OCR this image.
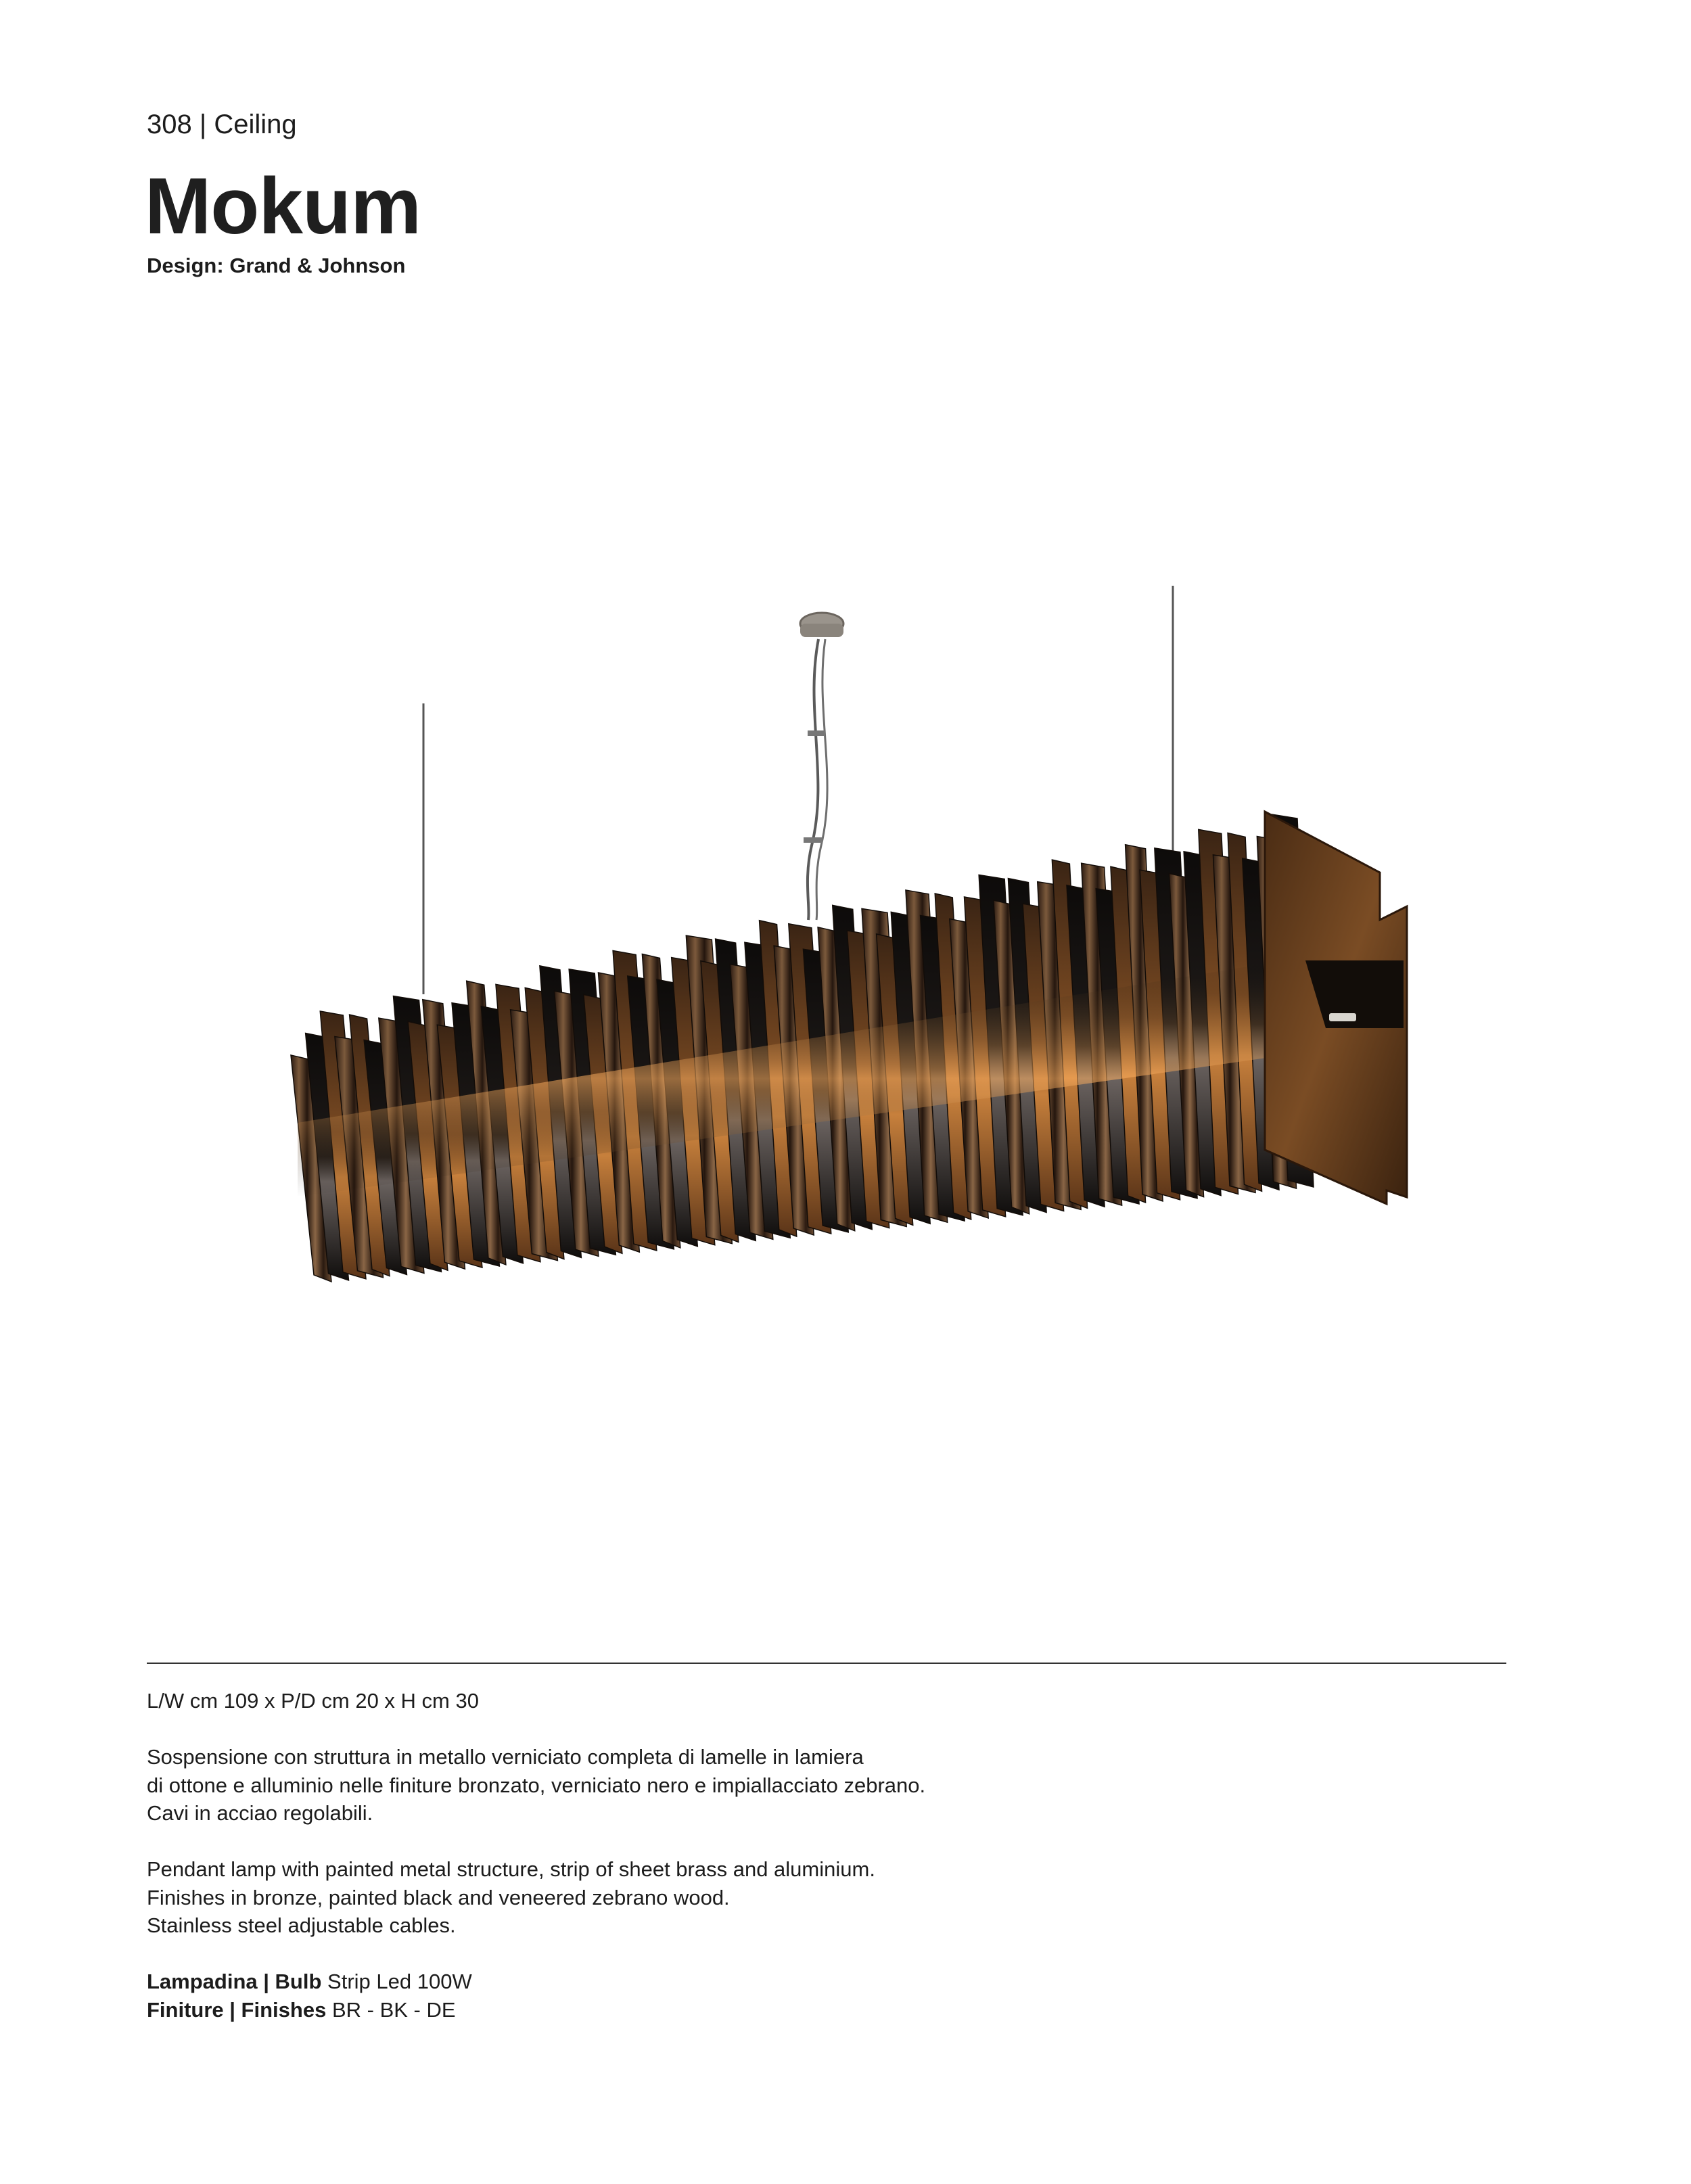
308 | Ceiling
Mokum
Design: Grand & Johnson

L/W cm 109 x P/D cm 20 x H cm 30

Sospensione con struttura in metallo verniciato completa di lamelle in lamiera

di ottone e alluminio nelle finiture bronzato, verniciato nero e impiallacciato zebrano.

Cavi in acciao regolabili.

Pendant lamp with painted metal structure, strip of sheet brass and aluminium.

Finishes in bronze, painted black and veneered zebrano wood.

Stainless steel adjustable cables.

Lampadina | Bulb Strip Led 100W

Finiture | Finishes BR - BK - DE
